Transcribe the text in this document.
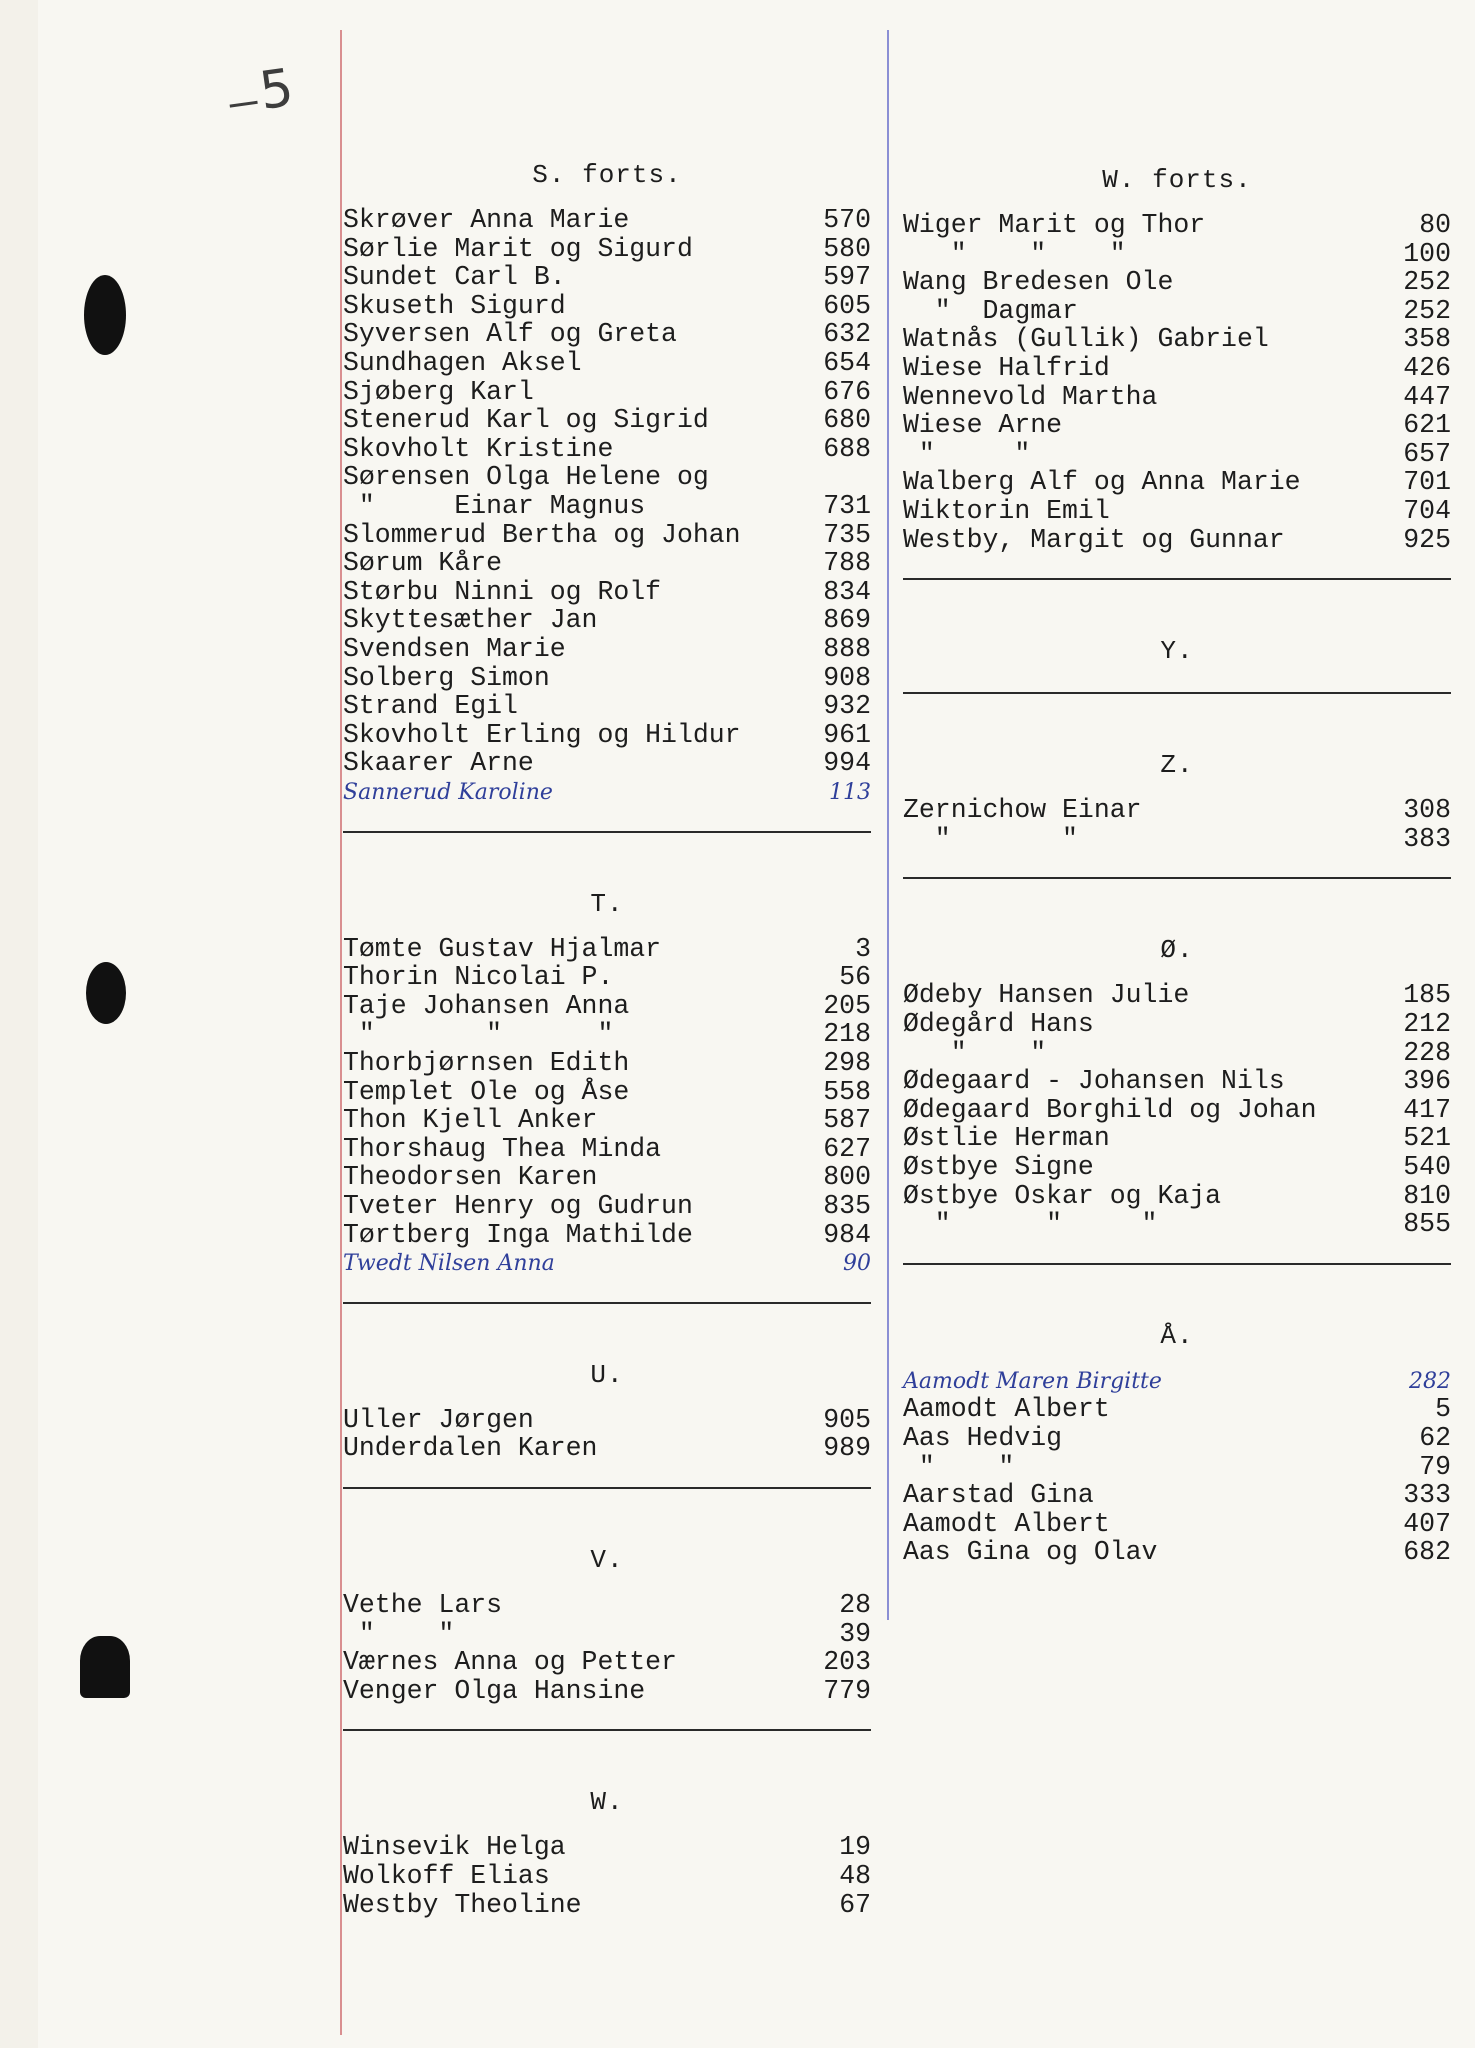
5
S. forts.
Skrøver Anna Marie	570
Sørlie Marit og Sigurd	580
Sundet Carl B.	597
Skuseth Sigurd	605
Syversen Alf og Greta	632
Sundhagen Aksel	654
Sjøberg Karl	676
Stenerud Karl og Sigrid	680
Skovholt Kristine	688
Sørensen Olga Helene og
"     Einar Magnus	731
Slommerud Bertha og Johan	735
Sørum Kåre	788
Størbu Ninni og Rolf	834
Skyttesæther Jan	869
Svendsen Marie	888
Solberg Simon	908
Strand Egil	932
Skovholt Erling og Hildur	961
Skaarer Arne	994
Sannerud Karoline	113
T.
Tømte Gustav Hjalmar	3
Thorin Nicolai P.	56
Taje Johansen Anna	205
"       "      "	218
Thorbjørnsen Edith	298
Templet Ole og Åse	558
Thon Kjell Anker	587
Thorshaug Thea Minda	627
Theodorsen Karen	800
Tveter Henry og Gudrun	835
Tørtberg Inga Mathilde	984
Twedt Nilsen Anna	90
U.
Uller Jørgen	905
Underdalen Karen	989
V.
Vethe Lars	28
"    "	39
Værnes Anna og Petter	203
Venger Olga Hansine	779
W.
Winsevik Helga	19
Wolkoff Elias	48
Westby Theoline	67
W. forts.
Wiger Marit og Thor	80
"    "    "	100
Wang Bredesen Ole	252
"  Dagmar	252
Watnås (Gullik) Gabriel	358
Wiese Halfrid	426
Wennevold Martha	447
Wiese Arne	621
"     "	657
Walberg Alf og Anna Marie	701
Wiktorin Emil	704
Westby, Margit og Gunnar	925
Y.
Z.
Zernichow Einar	308
"       "	383
Ø.
Ødeby Hansen Julie	185
Ødegård Hans	212
"    "	228
Ødegaard - Johansen Nils	396
Ødegaard Borghild og Johan	417
Østlie Herman	521
Østbye Signe	540
Østbye Oskar og Kaja	810
"      "     "	855
Å.
Aamodt Maren Birgitte	282
Aamodt Albert	5
Aas Hedvig	62
"    "	79
Aarstad Gina	333
Aamodt Albert	407
Aas Gina og Olav	682
